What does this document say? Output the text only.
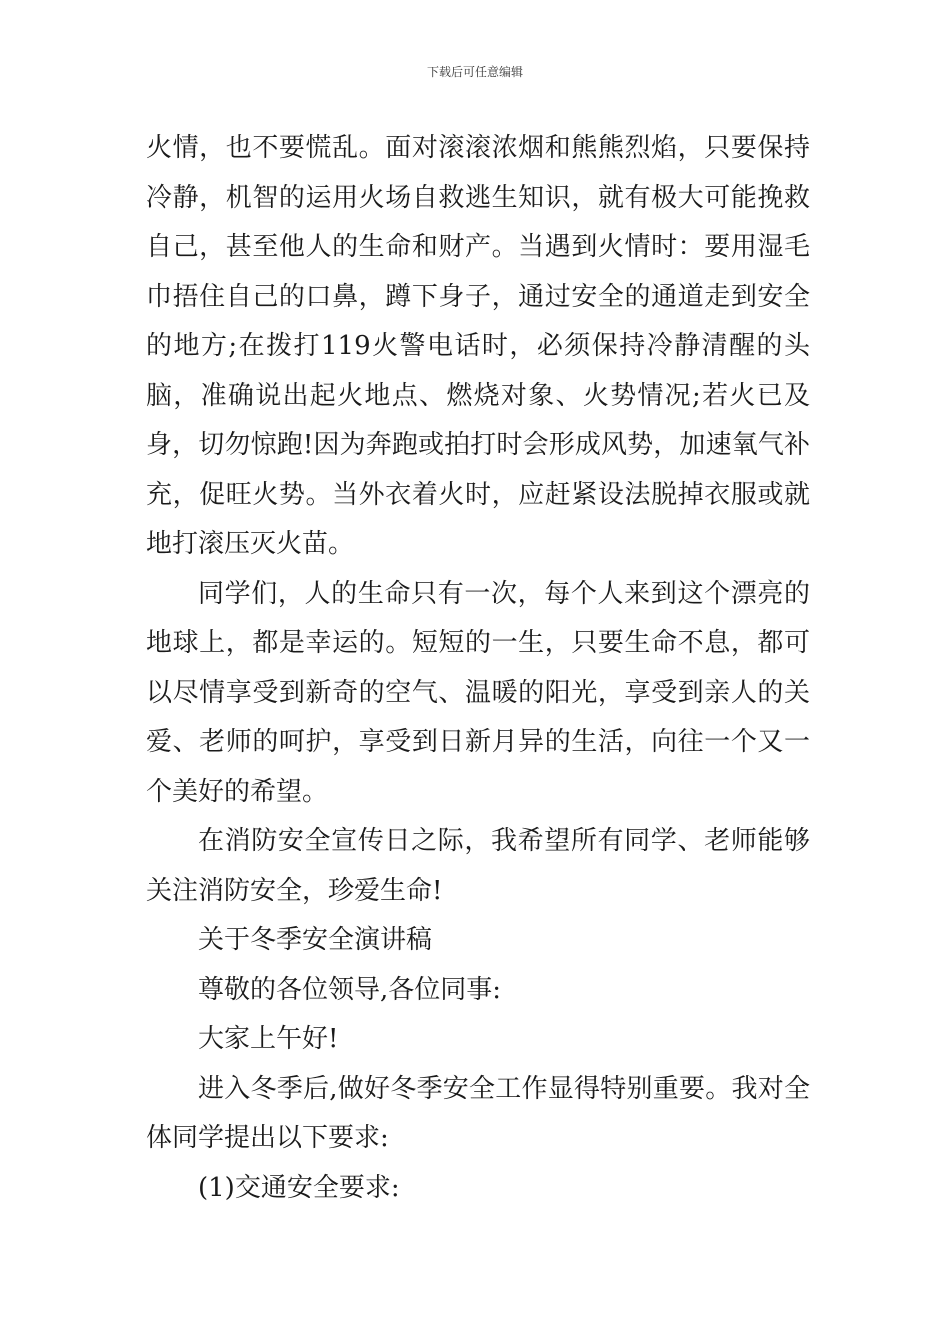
下载后可任意编辑

火情，也不要慌乱。面对滚滚浓烟和熊熊烈焰，只要保持冷静，机智的运用火场自救逃生知识，就有极大可能挽救自己，甚至他人的生命和财产。当遇到火情时：要用湿毛巾捂住自己的口鼻，蹲下身子，通过安全的通道走到安全的地方;在拨打119火警电话时，必须保持冷静清醒的头脑，准确说出起火地点、燃烧对象、火势情况;若火已及身，切勿惊跑!因为奔跑或拍打时会形成风势，加速氧气补充，促旺火势。当外衣着火时，应赶紧设法脱掉衣服或就地打滚压灭火苗。

同学们，人的生命只有一次，每个人来到这个漂亮的地球上，都是幸运的。短短的一生，只要生命不息，都可以尽情享受到新奇的空气、温暖的阳光，享受到亲人的关爱、老师的呵护，享受到日新月异的生活，向往一个又一个美好的希望。

在消防安全宣传日之际，我希望所有同学、老师能够关注消防安全，珍爱生命!

关于冬季安全演讲稿

尊敬的各位领导,各位同事:

大家上午好!

进入冬季后,做好冬季安全工作显得特别重要。我对全体同学提出以下要求:

(1)交通安全要求:
